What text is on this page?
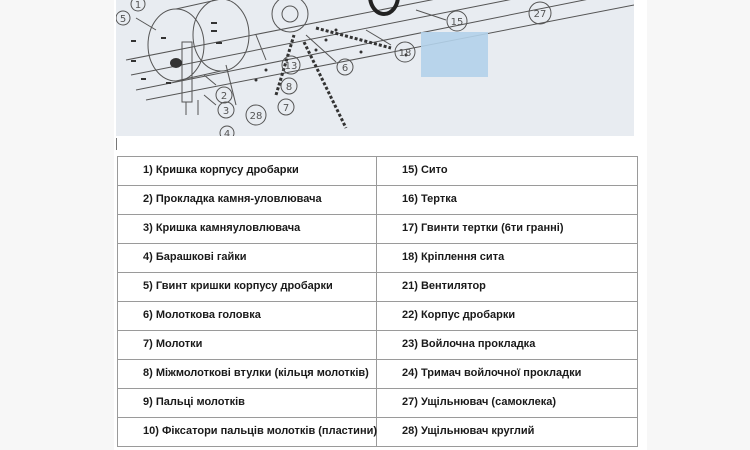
1
5
2
3
4
28
13
8
7
6
18
15
27
1) Кришка корпусу дробарки	15) Сито

2) Прокладка камня-уловлювача	16) Тертка

3) Кришка камняуловлювача	17) Гвинти тертки (6ти гранні)

4) Барашкові гайки	18) Кріплення сита

5) Гвинт кришки корпусу дробарки	21) Вентилятор

6) Молоткова головка	22) Корпус дробарки

7) Молотки	23) Войлочна прокладка

8) Міжмолоткові втулки (кільця молотків)	24) Тримач войлочної прокладки

9) Пальці молотків	27) Ущільнювач (самоклека)

10) Фіксатори пальців молотків (пластини)	28) Ущільнювач круглий
